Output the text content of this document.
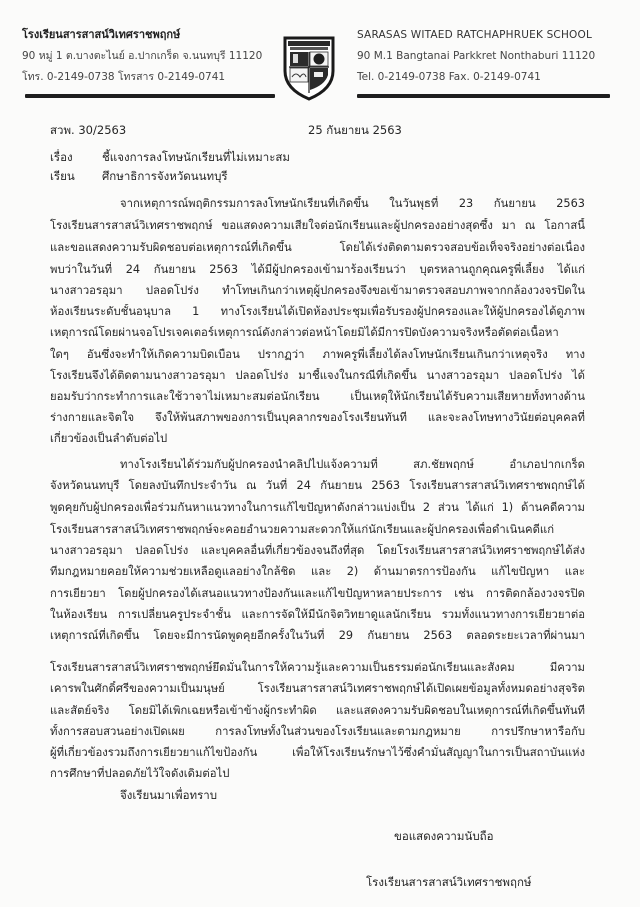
โรงเรียนสารสาสน์วิเทศราชพฤกษ์
90 หมู่ 1 ต.บางตะไนย์ อ.ปากเกร็ด จ.นนทบุรี 11120
โทร. 0-2149-0738 โทรสาร 0-2149-0741
SARASAS WITAED RATCHAPHRUEK SCHOOL
90 M.1 Bangtanai Parkkret Nonthaburi 11120
Tel. 0-2149-0738 Fax. 0-2149-0741
สวพ. 30/2563	25 กันยายน 2563
เรื่อง	ชี้แจงการลงโทษนักเรียนที่ไม่เหมาะสม
เรียน ศึกษาธิการจังหวัดนนทบุรี
จากเหตุการณ์พฤติกรรมการลงโทษนักเรียนที่เกิดขึ้น ในวันพุธที่ 23 กันยายน 2563
โรงเรียนสารสาสน์วิเทศราชพฤกษ์ ขอแสดงความเสียใจต่อนักเรียนและผู้ปกครองอย่างสุดซึ้ง มา ณ โอกาสนี้
และขอแสดงความรับผิดชอบต่อเหตุการณ์ที่เกิดขึ้น โดยได้เร่งติดตามตรวจสอบข้อเท็จจริงอย่างต่อเนื่อง
พบว่าในวันที่ 24 กันยายน 2563 ได้มีผู้ปกครองเข้ามาร้องเรียนว่า บุตรหลานถูกคุณครูพี่เลี้ยง ได้แก่
นางสาวอรอุมา ปลอดโปร่ง ทำโทษเกินกว่าเหตุผู้ปกครองจึงขอเข้ามาตรวจสอบภาพจากกล้องวงจรปิดใน
ห้องเรียนระดับชั้นอนุบาล 1 ทางโรงเรียนได้เปิดห้องประชุมเพื่อรับรองผู้ปกครองและให้ผู้ปกครองได้ดูภาพ
เหตุการณ์โดยผ่านจอโปรเจคเตอร์เหตุการณ์ดังกล่าวต่อหน้าโดยมิได้มีการปิดบังความจริงหรือตัดต่อเนื้อหา
ใดๆ อันซึ่งจะทำให้เกิดความบิดเบือน ปรากฏว่า ภาพครูพี่เลี้ยงได้ลงโทษนักเรียนเกินกว่าเหตุจริง ทาง
โรงเรียนจึงได้ติดตามนางสาวอรอุมา ปลอดโปร่ง มาชี้แจงในกรณีที่เกิดขึ้น นางสาวอรอุมา ปลอดโปร่ง ได้
ยอมรับว่ากระทำการและใช้วาจาไม่เหมาะสมต่อนักเรียน เป็นเหตุให้นักเรียนได้รับความเสียหายทั้งทางด้าน
ร่างกายและจิตใจ จึงให้พ้นสภาพของการเป็นบุคลากรของโรงเรียนทันที และจะลงโทษทางวินัยต่อบุคคลที่
เกี่ยวข้องเป็นลำดับต่อไป
ทางโรงเรียนได้ร่วมกับผู้ปกครองนำคลิปไปแจ้งความที่ สภ.ชัยพฤกษ์ อำเภอปากเกร็ด
จังหวัดนนทบุรี โดยลงบันทึกประจำวัน ณ วันที่ 24 กันยายน 2563 โรงเรียนสารสาสน์วิเทศราชพฤกษ์ได้
พูดคุยกับผู้ปกครองเพื่อร่วมกันหาแนวทางในการแก้ไขปัญหาดังกล่าวแบ่งเป็น 2 ส่วน ได้แก่ 1) ด้านคดีความ
โรงเรียนสารสาสน์วิเทศราชพฤกษ์จะคอยอำนวยความสะดวกให้แก่นักเรียนและผู้ปกครองเพื่อดำเนินคดีแก่
นางสาวอรอุมา ปลอดโปร่ง และบุคคลอื่นที่เกี่ยวข้องจนถึงที่สุด โดยโรงเรียนสารสาสน์วิเทศราชพฤกษ์ได้ส่ง
ทีมกฎหมายคอยให้ความช่วยเหลือดูแลอย่างใกล้ชิด และ 2) ด้านมาตรการป้องกัน แก้ไขปัญหา และ
การเยียวยา โดยผู้ปกครองได้เสนอแนวทางป้องกันและแก้ไขปัญหาหลายประการ เช่น การติดกล้องวงจรปิด
ในห้องเรียน การเปลี่ยนครูประจำชั้น และการจัดให้มีนักจิตวิทยาดูแลนักเรียน รวมทั้งแนวทางการเยียวยาต่อ
เหตุการณ์ที่เกิดขึ้น โดยจะมีการนัดพูดคุยอีกครั้งในวันที่ 29 กันยายน 2563 ตลอดระยะเวลาที่ผ่านมา
โรงเรียนสารสาสน์วิเทศราชพฤกษ์ยึดมั่นในการให้ความรู้และความเป็นธรรมต่อนักเรียนและสังคม มีความ
เคารพในศักดิ์ศรีของความเป็นมนุษย์ โรงเรียนสารสาสน์วิเทศราชพฤกษ์ได้เปิดเผยข้อมูลทั้งหมดอย่างสุจริต
และสัตย์จริง โดยมิได้เพิกเฉยหรือเข้าข้างผู้กระทำผิด และแสดงความรับผิดชอบในเหตุการณ์ที่เกิดขึ้นทันที
ทั้งการสอบสวนอย่างเปิดเผย การลงโทษทั้งในส่วนของโรงเรียนและตามกฎหมาย การปรึกษาหารือกับ
ผู้ที่เกี่ยวข้องรวมถึงการเยียวยาแก้ไขป้องกัน เพื่อให้โรงเรียนรักษาไว้ซึ่งคำมั่นสัญญาในการเป็นสถาบันแห่ง
การศึกษาที่ปลอดภัยไว้ใจดังเดิมต่อไป
จึงเรียนมาเพื่อทราบ
ขอแสดงความนับถือ
โรงเรียนสารสาสน์วิเทศราชพฤกษ์
